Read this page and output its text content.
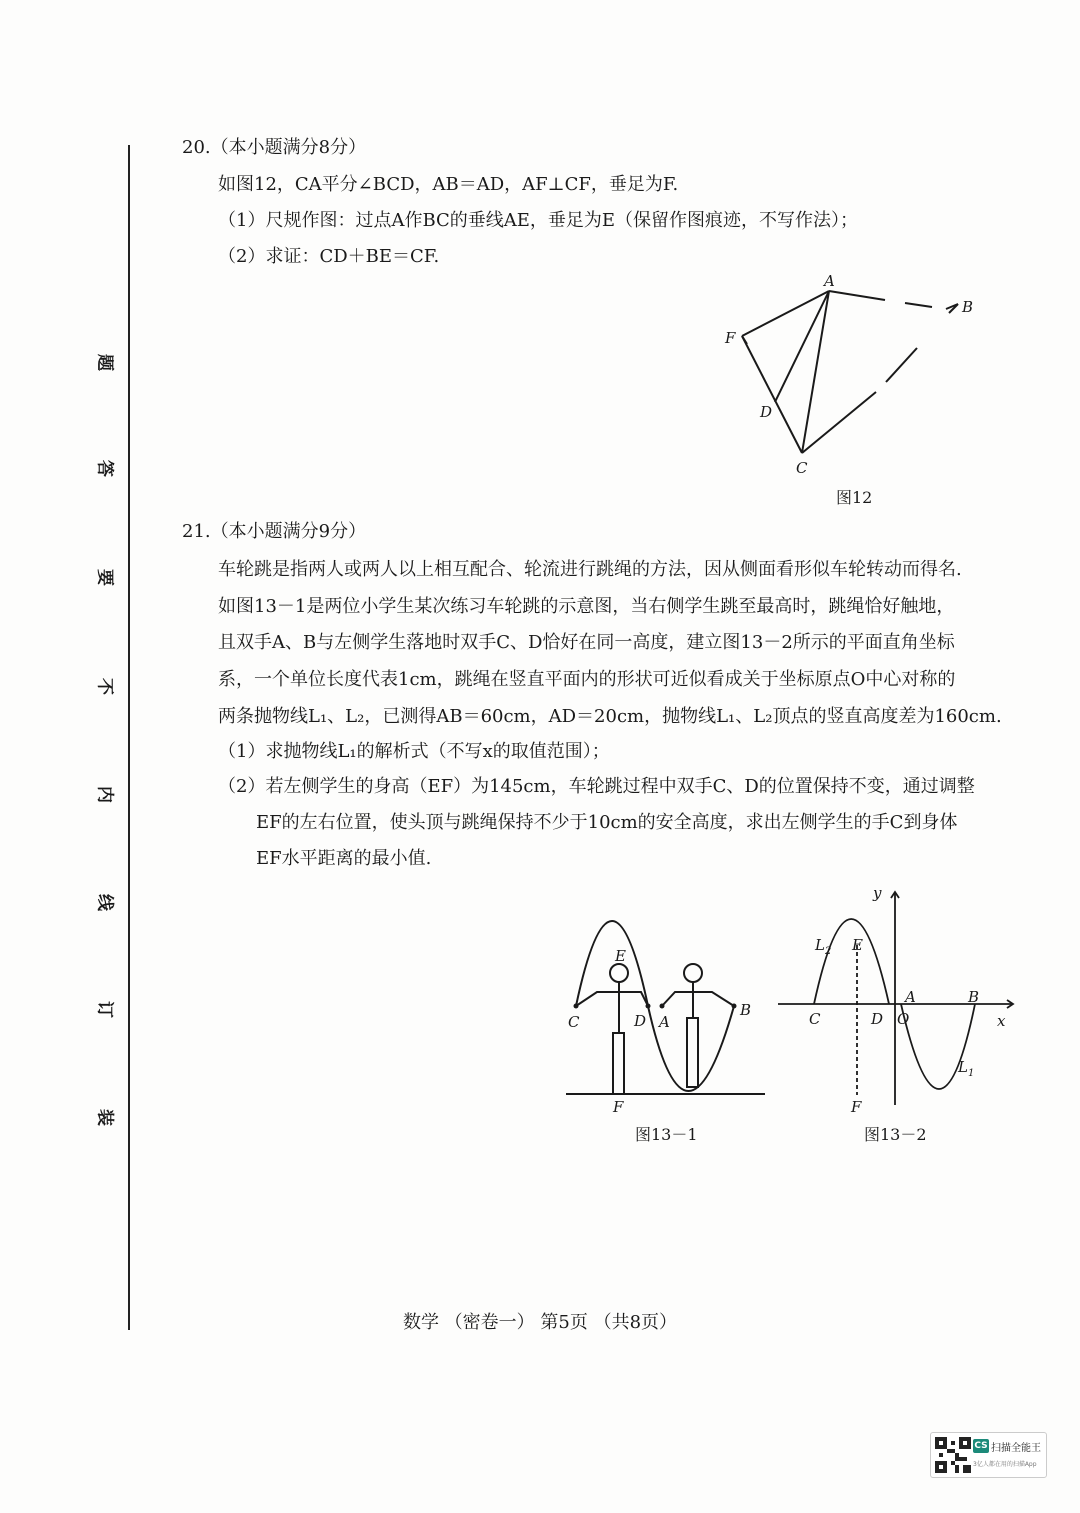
题
答
要
不
内
线
订
装
20.（本小题满分8分）
如图12，CA平分∠BCD，AB＝AD，AF⊥CF，垂足为F.
（1）尺规作图：过点A作BC的垂线AE，垂足为E（保留作图痕迹，不写作法）；
（2）求证：CD＋BE＝CF.
A
B
C
D
F
图12
21.（本小题满分9分）
车轮跳是指两人或两人以上相互配合、轮流进行跳绳的方法，因从侧面看形似车轮转动而得名.
如图13－1是两位小学生某次练习车轮跳的示意图，当右侧学生跳至最高时，跳绳恰好触地，
且双手A、B与左侧学生落地时双手C、D恰好在同一高度，建立图13－2所示的平面直角坐标
系，一个单位长度代表1cm，跳绳在竖直平面内的形状可近似看成关于坐标原点O中心对称的
两条抛物线L₁、L₂，已测得AB＝60cm，AD＝20cm，抛物线L₁、L₂顶点的竖直高度差为160cm.
（1）求抛物线L₁的解析式（不写x的取值范围）；
（2）若左侧学生的身高（EF）为145cm，车轮跳过程中双手C、D的位置保持不变，通过调整
EF的左右位置，使头顶与跳绳保持不少于10cm的安全高度，求出左侧学生的手C到身体
EF水平距离的最小值.
E
C	D A
B
F
图13－1
y
x
$L_2$
$L_1$
E
C	D O
A	B
F
图13－2
数学 （密卷一） 第5页 （共8页）
CS 扫描全能王
3亿人都在用的扫描App
